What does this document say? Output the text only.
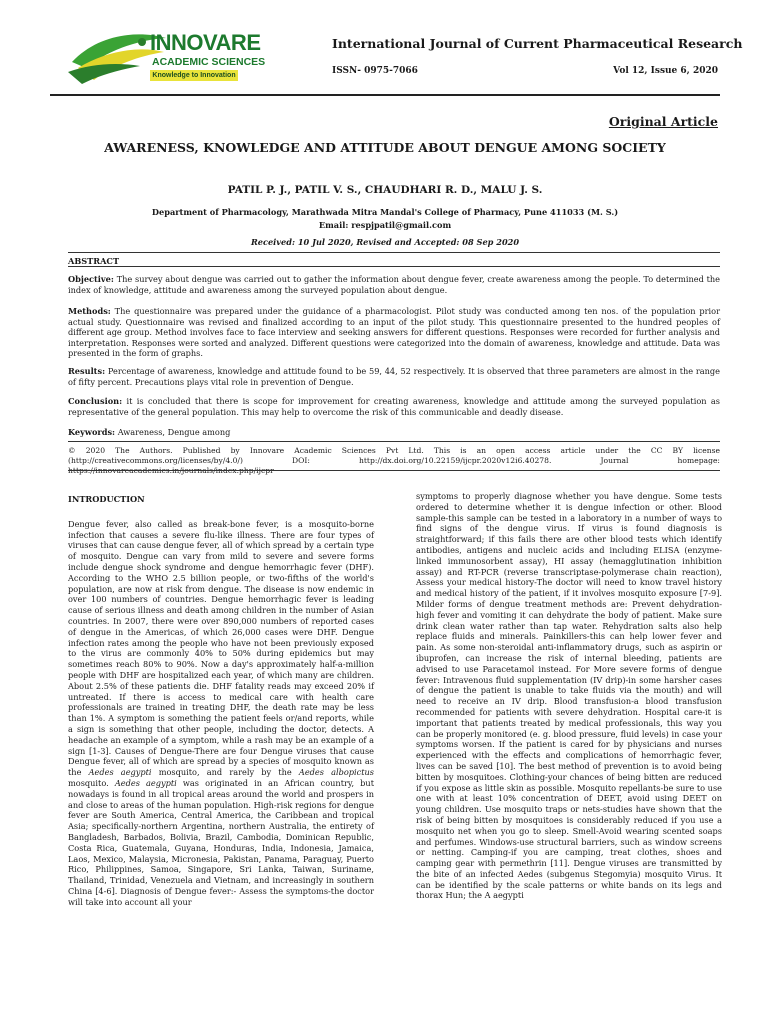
INNOVARE
ACADEMIC SCIENCES
Knowledge to Innovation
International Journal of Current Pharmaceutical Research
ISSN- 0975-7066	Vol 12, Issue 6, 2020
Original Article
AWARENESS, KNOWLEDGE AND ATTITUDE ABOUT DENGUE AMONG SOCIETY
PATIL P. J., PATIL V. S., CHAUDHARI R. D., MALU J. S.
Department of Pharmacology, Marathwada Mitra Mandal's College of Pharmacy, Pune 411033 (M. S.)
Email: respjpatil@gmail.com
Received: 10 Jul 2020, Revised and Accepted: 08 Sep 2020
ABSTRACT

Objective: The survey about dengue was carried out to gather the information about dengue fever, create awareness among the people. To determined the index of knowledge, attitude and awareness among the surveyed population about dengue.

Methods: The questionnaire was prepared under the guidance of a pharmacologist. Pilot study was conducted among ten nos. of the population prior actual study. Questionnaire was revised and finalized according to an input of the pilot study. This questionnaire presented to the hundred peoples of different age group. Method involves face to face interview and seeking answers for different questions. Responses were recorded for further analysis and interpretation. Responses were sorted and analyzed. Different questions were categorized into the domain of awareness, knowledge and attitude. Data was presented in the form of graphs.

Results: Percentage of awareness, knowledge and attitude found to be 59, 44, 52 respectively. It is observed that three parameters are almost in the range of fifty percent. Precautions plays vital role in prevention of Dengue.

Conclusion: it is concluded that there is scope for improvement for creating awareness, knowledge and attitude among the surveyed population as representative of the general population. This may help to overcome the risk of this communicable and deadly disease.

Keywords: Awareness, Dengue among
© 2020 The Authors. Published by Innovare Academic Sciences Pvt Ltd. This is an open access article under the CC BY license (http://creativecommons.org/licenses/by/4.0/) DOI: http://dx.doi.org/10.22159/ijcpr.2020v12i6.40278. Journal homepage:
INTRODUCTION

Dengue fever, also called as break-bone fever, is a mosquito-borne infection that causes a severe flu-like illness. There are four types of viruses that can cause dengue fever, all of which spread by a certain type of mosquito. Dengue can vary from mild to severe and severe forms include dengue shock syndrome and dengue hemorrhagic fever (DHF). According to the WHO 2.5 billion people, or two-fifths of the world's population, are now at risk from dengue. The disease is now endemic in over 100 numbers of countries. Dengue hemorrhagic fever is leading cause of serious illness and death among children in the number of Asian countries. In 2007, there were over 890,000 numbers of reported cases of dengue in the Americas, of which 26,000 cases were DHF. Dengue infection rates among the people who have not been previously exposed to the virus are commonly 40% to 50% during epidemics but may sometimes reach 80% to 90%. Now a day's approximately half-a-million people with DHF are hospitalized each year, of which many are children. About 2.5% of these patients die. DHF fatality reads may exceed 20% if untreated. If there is access to medical care with health care professionals are trained in treating DHF, the death rate may be less than 1%. A symptom is something the patient feels or/and reports, while a sign is something that other people, including the doctor, detects. A headache an example of a symptom, while a rash may be an example of a sign [1-3]. Causes of Dengue-There are four Dengue viruses that cause Dengue fever, all of which are spread by a species of mosquito known as the Aedes aegypti mosquito, and rarely by the Aedes albopictus mosquito. Aedes aegypti was originated in an African country, but nowadays is found in all tropical areas around the world and prospers in and close to areas of the human population. High-risk regions for dengue fever are South America, Central America, the Caribbean and tropical Asia; specifically-northern Argentina, northern Australia, the entirety of Bangladesh, Barbados, Bolivia, Brazil, Cambodia, Dominican Republic, Costa Rica, Guatemala, Guyana, Honduras, India, Indonesia, Jamaica, Laos, Mexico, Malaysia, Micronesia, Pakistan, Panama, Paraguay, Puerto Rico, Philippines, Samoa, Singapore, Sri Lanka, Taiwan, Suriname, Thailand, Trinidad, Venezuela and Vietnam, and increasingly in southern China [4-6]. Diagnosis of Dengue fever:- Assess the symptoms-the doctor will take into account all your

symptoms to properly diagnose whether you have dengue. Some tests ordered to determine whether it is dengue infection or other. Blood sample-this sample can be tested in a laboratory in a number of ways to find signs of the dengue virus. If virus is found diagnosis is straightforward; if this fails there are other blood tests which identify antibodies, antigens and nucleic acids and including ELISA (enzyme-linked immunosorbent assay), HI assay (hemagglutination inhibition assay) and RT-PCR (reverse transcriptase-polymerase chain reaction), Assess your medical history-The doctor will need to know travel history and medical history of the patient, if it involves mosquito exposure [7-9]. Milder forms of dengue treatment methods are: Prevent dehydration-high fever and vomiting it can dehydrate the body of patient. Make sure drink clean water rather than tap water. Rehydration salts also help replace fluids and minerals. Painkillers-this can help lower fever and pain. As some non-steroidal anti-inflammatory drugs, such as aspirin or ibuprofen, can increase the risk of internal bleeding, patients are advised to use Paracetamol instead. For More severe forms of dengue fever: Intravenous fluid supplementation (IV drip)-in some harsher cases of dengue the patient is unable to take fluids via the mouth) and will need to receive an IV drip. Blood transfusion-a blood transfusion recommended for patients with severe dehydration. Hospital care-it is important that patients treated by medical professionals, this way you can be properly monitored (e. g. blood pressure, fluid levels) in case your symptoms worsen. If the patient is cared for by physicians and nurses experienced with the effects and complications of hemorrhagic fever, lives can be saved [10]. The best method of prevention is to avoid being bitten by mosquitoes. Clothing-your chances of being bitten are reduced if you expose as little skin as possible. Mosquito repellants-be sure to use one with at least 10% concentration of DEET, avoid using DEET on young children. Use mosquito traps or nets-studies have shown that the risk of being bitten by mosquitoes is considerably reduced if you use a mosquito net when you go to sleep. Smell-Avoid wearing scented soaps and perfumes. Windows-use structural barriers, such as window screens or netting. Camping-if you are camping, treat clothes, shoes and camping gear with permethrin [11]. Dengue viruses are transmitted by the bite of an infected Aedes (subgenus Stegomyia) mosquito Virus. It can be identified by the scale patterns or white bands on its legs and thorax Hun; the A aegypti
